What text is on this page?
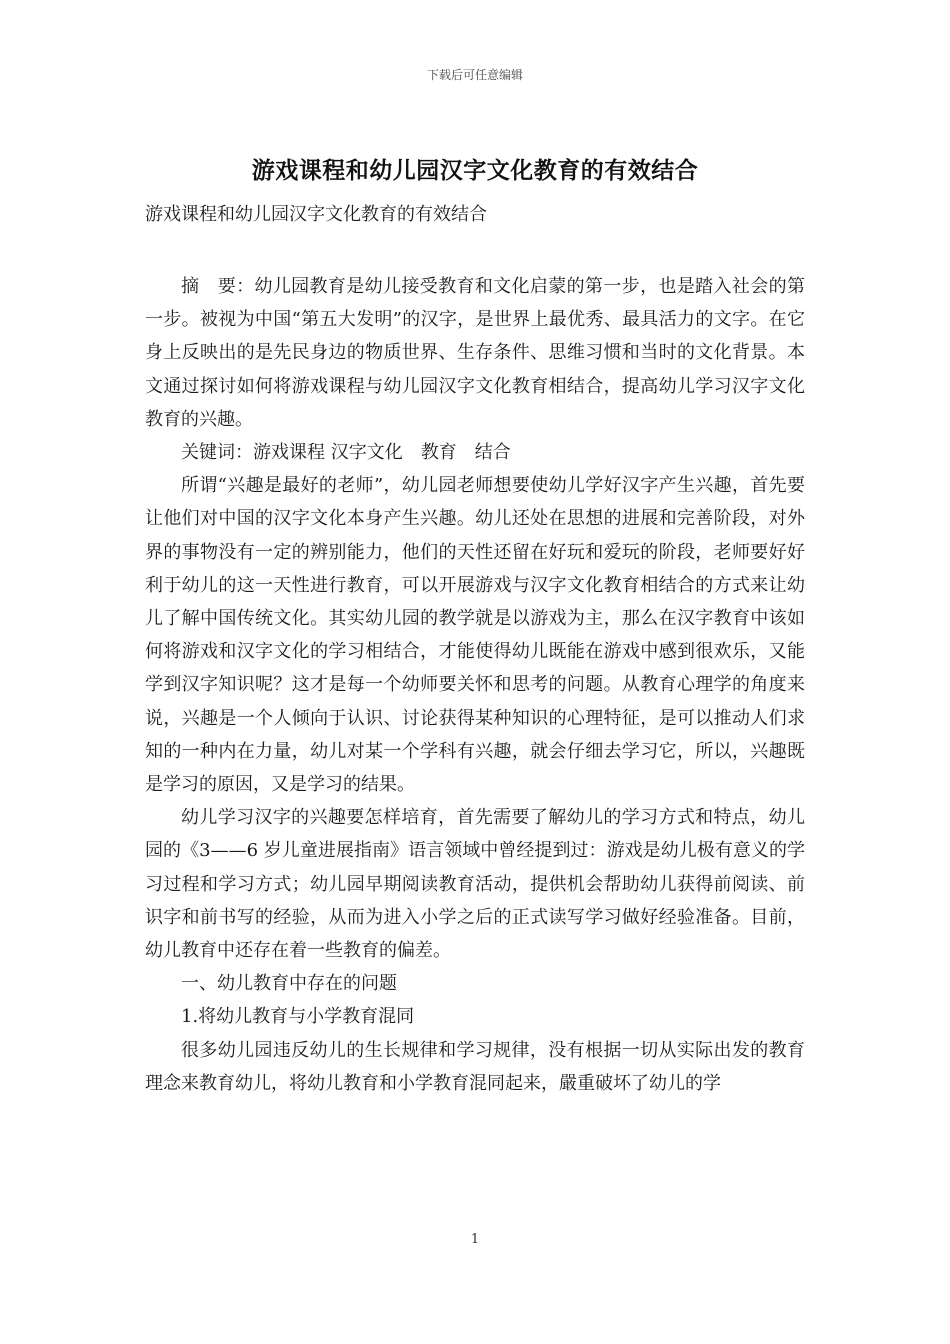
下载后可任意编辑
游戏课程和幼儿园汉字文化教育的有效结合
游戏课程和幼儿园汉字文化教育的有效结合

摘　要：幼儿园教育是幼儿接受教育和文化启蒙的第一步，也是踏入社会的第一步。被视为中国“第五大发明”的汉字，是世界上最优秀、最具活力的文字。在它身上反映出的是先民身边的物质世界、生存条件、思维习惯和当时的文化背景。本文通过探讨如何将游戏课程与幼儿园汉字文化教育相结合，提高幼儿学习汉字文化教育的兴趣。

关键词：游戏课程 汉字文化　教育　结合

所谓“兴趣是最好的老师”，幼儿园老师想要使幼儿学好汉字产生兴趣，首先要让他们对中国的汉字文化本身产生兴趣。幼儿还处在思想的进展和完善阶段，对外界的事物没有一定的辨别能力，他们的天性还留在好玩和爱玩的阶段，老师要好好利于幼儿的这一天性进行教育，可以开展游戏与汉字文化教育相结合的方式来让幼儿了解中国传统文化。其实幼儿园的教学就是以游戏为主，那么在汉字教育中该如何将游戏和汉字文化的学习相结合，才能使得幼儿既能在游戏中感到很欢乐，又能学到汉字知识呢？这才是每一个幼师要关怀和思考的问题。从教育心理学的角度来说，兴趣是一个人倾向于认识、讨论获得某种知识的心理特征，是可以推动人们求知的一种内在力量，幼儿对某一个学科有兴趣，就会仔细去学习它，所以，兴趣既是学习的原因，又是学习的结果。

幼儿学习汉字的兴趣要怎样培育，首先需要了解幼儿的学习方式和特点，幼儿园的《3——6 岁儿童进展指南》语言领域中曾经提到过：游戏是幼儿极有意义的学习过程和学习方式；幼儿园早期阅读教育活动，提供机会帮助幼儿获得前阅读、前识字和前书写的经验，从而为进入小学之后的正式读写学习做好经验准备。目前，幼儿教育中还存在着一些教育的偏差。

一、幼儿教育中存在的问题

1.将幼儿教育与小学教育混同

很多幼儿园违反幼儿的生长规律和学习规律，没有根据一切从实际出发的教育理念来教育幼儿，将幼儿教育和小学教育混同起来，嚴重破坏了幼儿的学

1
